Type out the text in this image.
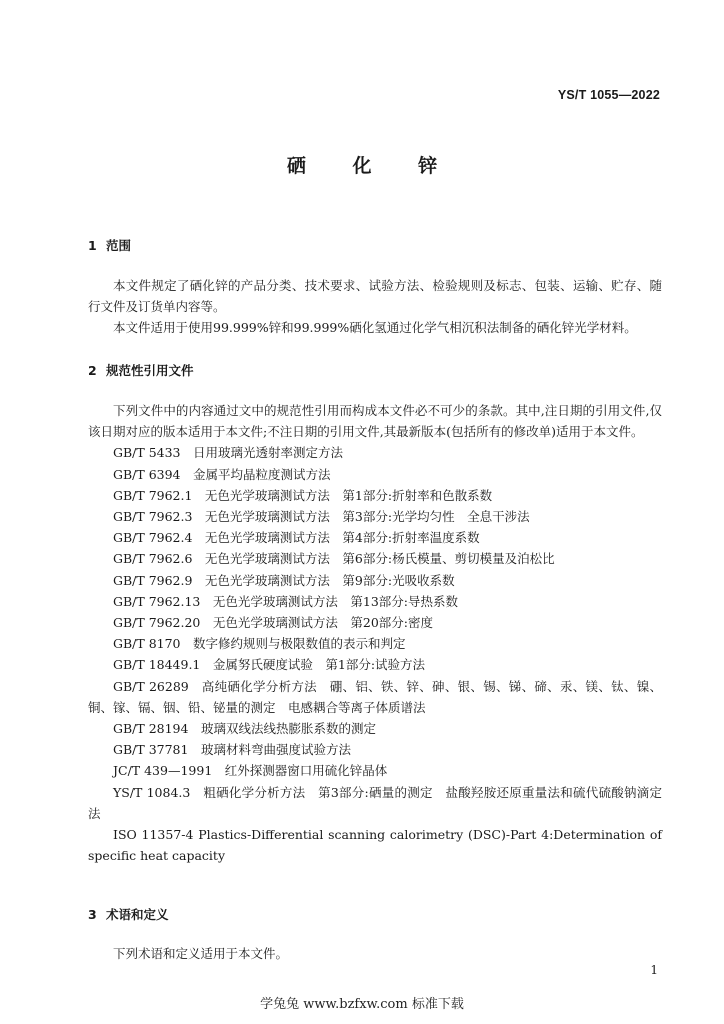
YS/T 1055—2022
硒 化 锌
1 范围

本文件规定了硒化锌的产品分类、技术要求、试验方法、检验规则及标志、包装、运输、贮存、随行文件及订货单内容等。

本文件适用于使用99.999%锌和99.999%硒化氢通过化学气相沉积法制备的硒化锌光学材料。

2 规范性引用文件

下列文件中的内容通过文中的规范性引用而构成本文件必不可少的条款。其中,注日期的引用文件,仅该日期对应的版本适用于本文件;不注日期的引用文件,其最新版本(包括所有的修改单)适用于本文件。

GB/T 5433　日用玻璃光透射率测定方法

GB/T 6394　金属平均晶粒度测试方法

GB/T 7962.1　无色光学玻璃测试方法　第1部分:折射率和色散系数

GB/T 7962.3　无色光学玻璃测试方法　第3部分:光学均匀性　全息干涉法

GB/T 7962.4　无色光学玻璃测试方法　第4部分:折射率温度系数

GB/T 7962.6　无色光学玻璃测试方法　第6部分:杨氏模量、剪切模量及泊松比

GB/T 7962.9　无色光学玻璃测试方法　第9部分:光吸收系数

GB/T 7962.13　无色光学玻璃测试方法　第13部分:导热系数

GB/T 7962.20　无色光学玻璃测试方法　第20部分:密度

GB/T 8170　数字修约规则与极限数值的表示和判定

GB/T 18449.1　金属努氏硬度试验　第1部分:试验方法

GB/T 26289　高纯硒化学分析方法　硼、铝、铁、锌、砷、银、锡、锑、碲、汞、镁、钛、镍、铜、镓、镉、铟、铅、铋量的测定　电感耦合等离子体质谱法

GB/T 28194　玻璃双线法线热膨胀系数的测定

GB/T 37781　玻璃材料弯曲强度试验方法

JC/T 439—1991　红外探测器窗口用硫化锌晶体

YS/T 1084.3　粗硒化学分析方法　第3部分:硒量的测定　盐酸羟胺还原重量法和硫代硫酸钠滴定法

ISO 11357-4 Plastics-Differential scanning calorimetry (DSC)-Part 4:Determination of specific heat capacity

3 术语和定义

下列术语和定义适用于本文件。

1
学兔兔 www.bzfxw.com 标准下载
